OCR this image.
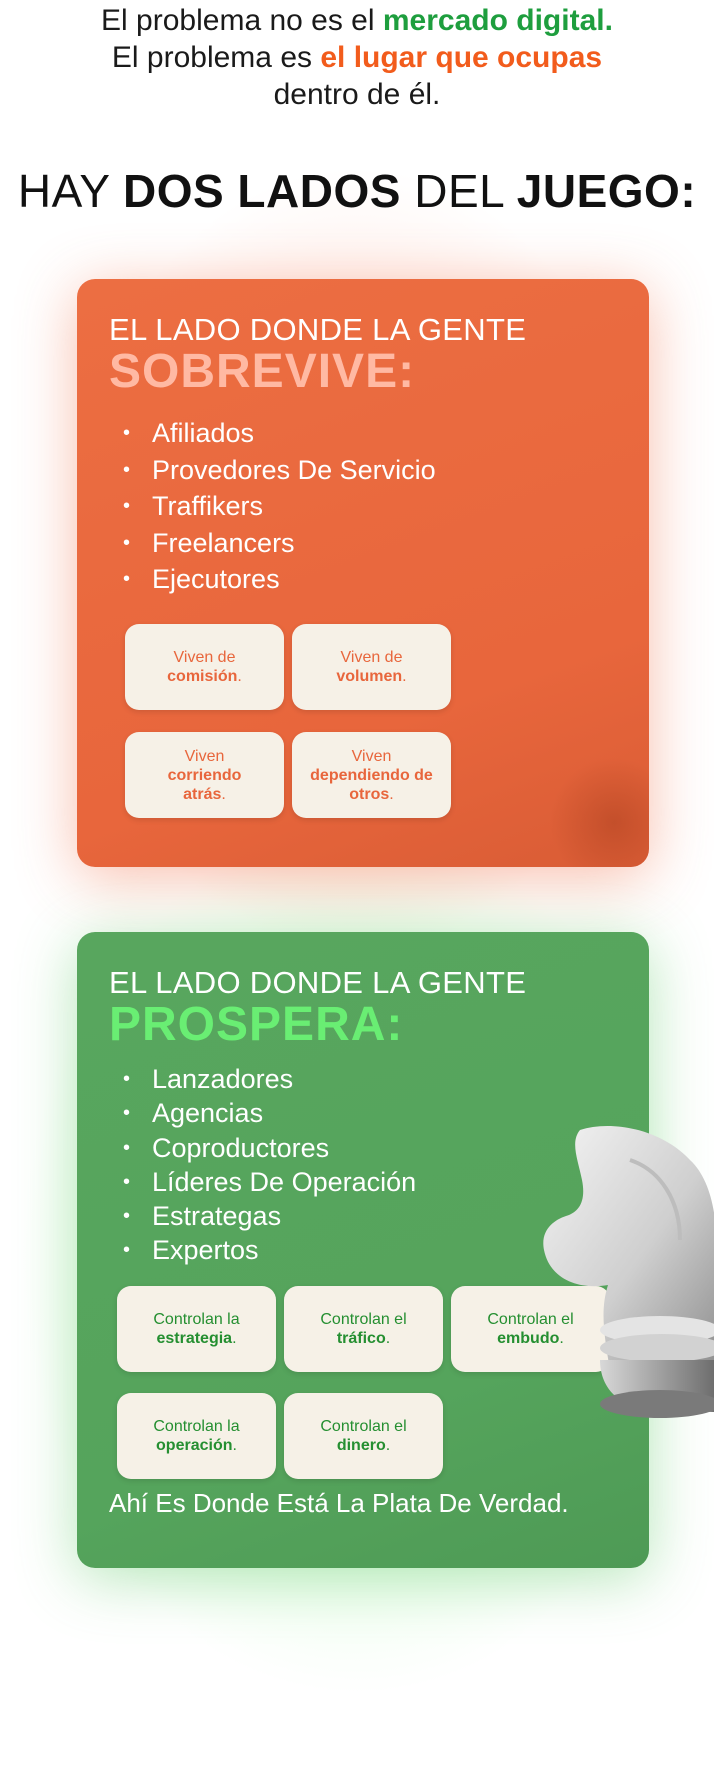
El problema no es el mercado digital.
El problema es el lugar que ocupas
dentro de él.
HAY DOS LADOS DEL JUEGO:
EL LADO DONDE LA GENTE
SOBREVIVE:
• Afiliados
• Provedores De Servicio
• Traffikers
• Freelancers
• Ejecutores
Viven de
comisión.
Viven de
volumen.
Viven
corriendo atrás.
Viven
dependiendo de otros.
EL LADO DONDE LA GENTE
PROSPERA:
• Lanzadores
• Agencias
• Coproductores
• Líderes De Operación
• Estrategas
• Expertos
Controlan la
estrategia.
Controlan el
tráfico.
Controlan el
embudo.
Controlan la
operación.
Controlan el
dinero.
Ahí Es Donde Está La Plata De Verdad.
